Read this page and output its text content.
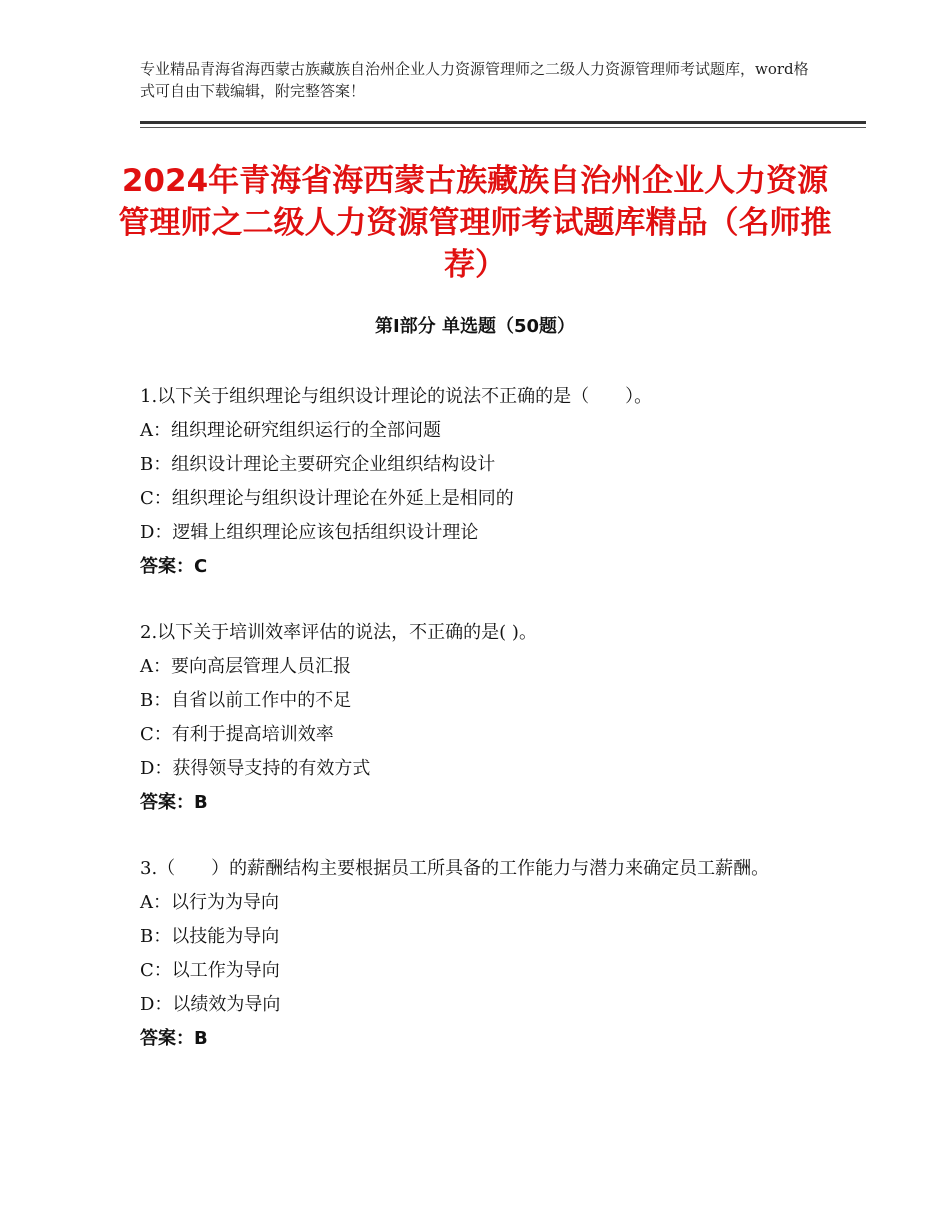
专业精品青海省海西蒙古族藏族自治州企业人力资源管理师之二级人力资源管理师考试题库，word格式可自由下载编辑，附完整答案！
2024年青海省海西蒙古族藏族自治州企业人力资源管理师之二级人力资源管理师考试题库精品（名师推荐）
第Ⅰ部分 单选题（50题）

1.以下关于组织理论与组织设计理论的说法不正确的是（　　）。

A：组织理论研究组织运行的全部问题
B：组织设计理论主要研究企业组织结构设计
C：组织理论与组织设计理论在外延上是相同的
D：逻辑上组织理论应该包括组织设计理论
答案：C

2.以下关于培训效率评估的说法，不正确的是( )。

A：要向高层管理人员汇报
B：自省以前工作中的不足
C：有利于提高培训效率
D：获得领导支持的有效方式
答案：B

3.（　　）的薪酬结构主要根据员工所具备的工作能力与潜力来确定员工薪酬。

A：以行为为导向
B：以技能为导向
C：以工作为导向
D：以绩效为导向
答案：B
